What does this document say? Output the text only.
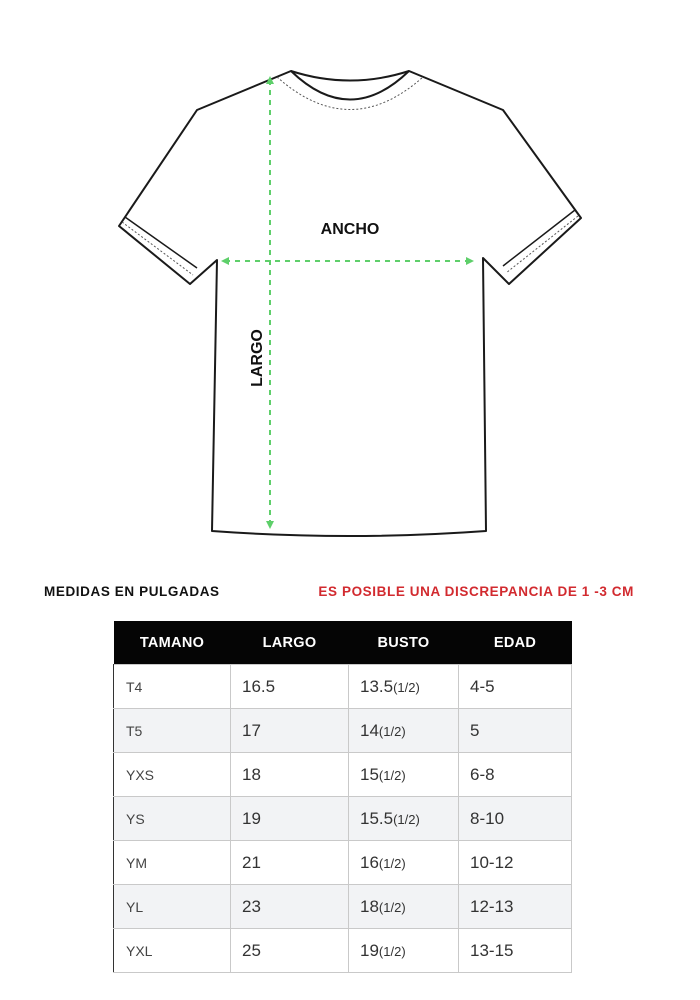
ANCHO
LARGO
MEDIDAS EN PULGADAS	ES POSIBLE UNA DISCREPANCIA DE 1 -3 CM
TAMANO	LARGO	BUSTO	EDAD
T4	16.5	13.5(1/2)	4-5
T5	17	14(1/2)	5
YXS	18	15(1/2)	6-8
YS	19	15.5(1/2)	8-10
YM	21	16(1/2)	10-12
YL	23	18(1/2)	12-13
YXL	25	19(1/2)	13-15
